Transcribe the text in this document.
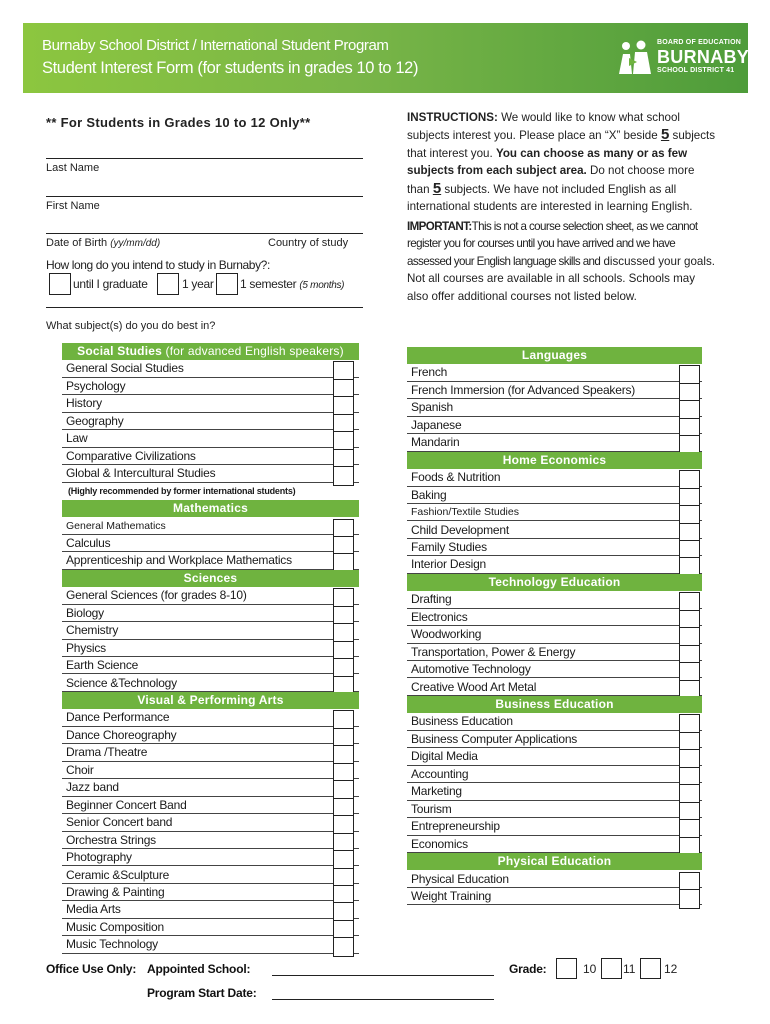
Burnaby School District / International Student Program
Student Interest Form (for students in grades 10 to 12)
BOARD OF EDUCATION
BURNABY
SCHOOL DISTRICT 41
** For Students in Grades 10 to 12 Only**
Last Name
First Name
Date of Birth (yy/mm/dd)	Country of study
How long do you intend to study in Burnaby?:
until I graduate	1 year 1 semester (5 months)
What subject(s) do you do best in?
INSTRUCTIONS: We would like to know what school subjects interest you. Please place an “X” beside 5 subjects that interest you. You can choose as many or as few subjects from each subject area. Do not choose more than 5 subjects. We have not included English as all international students are interested in learning English.
IMPORTANT:This is not a course selection sheet, as we cannot register you for courses until you have arrived and we have assessed your English language skills and discussed your goals. Not all courses are available in all schools. Schools may also offer additional courses not listed below.
Social Studies (for advanced English speakers)
General Social Studies
Psychology
History
Geography
Law
Comparative Civilizations
Global & Intercultural Studies
(Highly recommended by former international students)
Mathematics
General Mathematics
Calculus
Apprenticeship and Workplace Mathematics
Sciences
General Sciences (for grades 8-10)
Biology
Chemistry
Physics
Earth Science
Science &Technology
Visual & Performing Arts
Dance Performance
Dance Choreography
Drama /Theatre
Choir
Jazz band
Beginner Concert Band
Senior Concert band
Orchestra Strings
Photography
Ceramic &Sculpture
Drawing & Painting
Media Arts
Music Composition
Music Technology
Languages
French
French Immersion (for Advanced Speakers)
Spanish
Japanese
Mandarin
Home Economics
Foods & Nutrition
Baking
Fashion/Textile Studies
Child Development
Family Studies
Interior Design
Technology Education
Drafting
Electronics
Woodworking
Transportation, Power & Energy
Automotive Technology
Creative Wood Art Metal
Business Education
Business Education
Business Computer Applications
Digital Media
Accounting
Marketing
Tourism
Entrepreneurship
Economics
Physical Education
Physical Education
Weight Training
Office Use Only: Appointed School:
Program Start Date:
Grade:	10 11 12
